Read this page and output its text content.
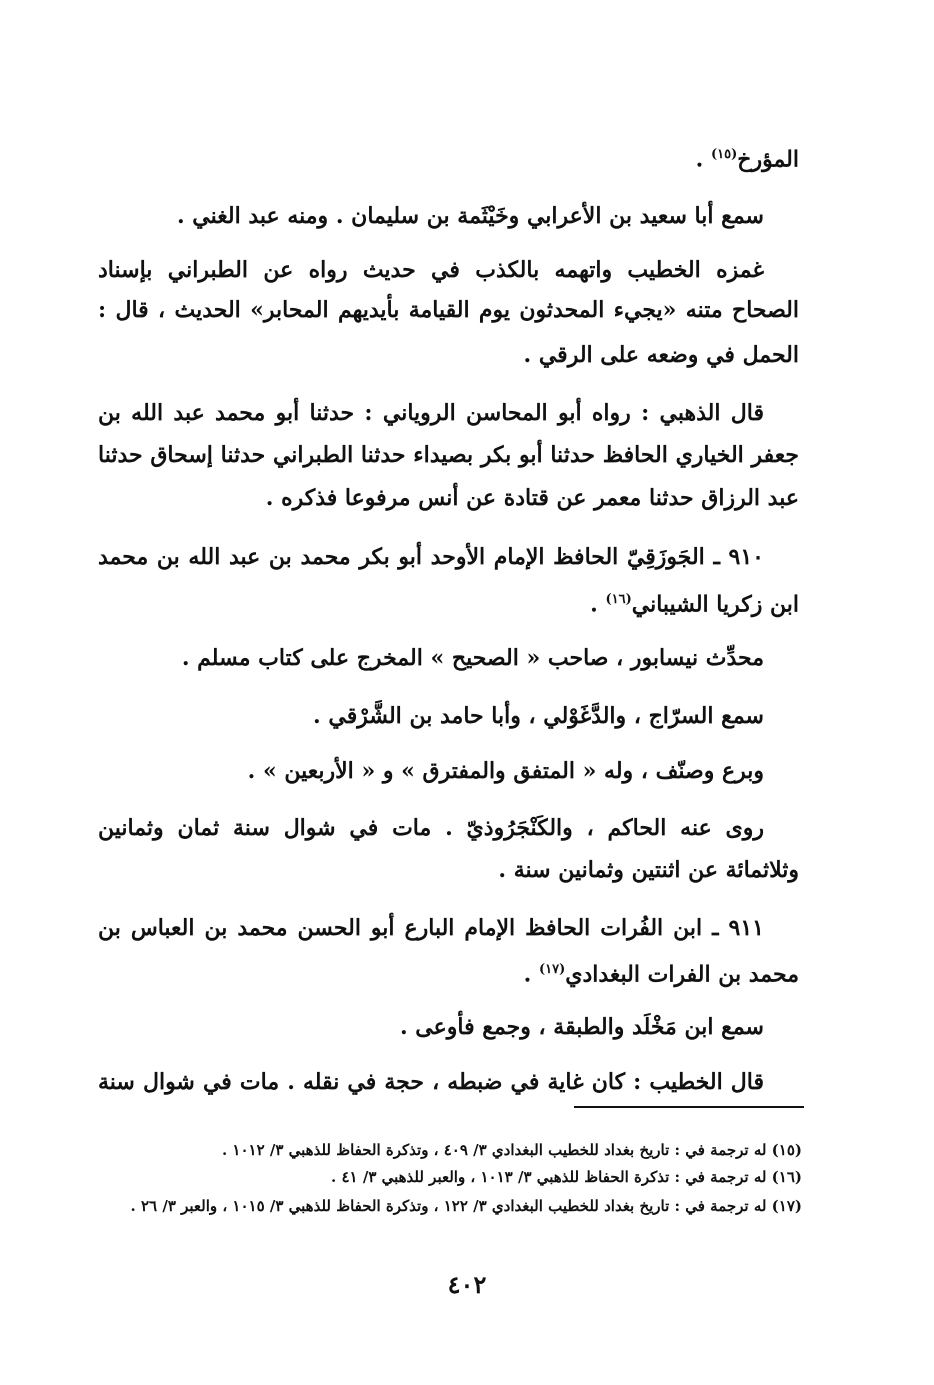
المؤرخ$^{(١٥)}$ .

سمع أبا سعيد بن الأعرابي وخَيْثَمة بن سليمان . ومنه عبد الغني .

غمزه الخطيب واتهمه بالكذب في حديث رواه عن الطبراني بإسناد

الصحاح متنه «يجيء المحدثون يوم القيامة بأيديهم المحابر» الحديث ، قال :

الحمل في وضعه على الرقي .

قال الذهبي : رواه أبو المحاسن الروياني : حدثنا أبو محمد عبد الله بن

جعفر الخياري الحافظ حدثنا أبو بكر بصيداء حدثنا الطبراني حدثنا إسحاق حدثنا

عبد الرزاق حدثنا معمر عن قتادة عن أنس مرفوعا فذكره .

٩١٠ ـ الجَوزَقِيّ الحافظ الإمام الأوحد أبو بكر محمد بن عبد الله بن محمد

ابن زكريا الشيباني$^{(١٦)}$ .

محدِّث نيسابور ، صاحب « الصحيح » المخرج على كتاب مسلم .

سمع السرّاج ، والدَّغَوْلي ، وأبا حامد بن الشَّرْقي .

وبرع وصنّف ، وله « المتفق والمفترق » و « الأربعين » .

روى عنه الحاكم ، والكَنْجَرُوذيّ . مات في شوال سنة ثمان وثمانين

وثلاثمائة عن اثنتين وثمانين سنة .

٩١١ ـ ابن الفُرات الحافظ الإمام البارع أبو الحسن محمد بن العباس بن

محمد بن الفرات البغدادي$^{(١٧)}$ .

سمع ابن مَخْلَد والطبقة ، وجمع فأوعى .

قال الخطيب : كان غاية في ضبطه ، حجة في نقله . مات في شوال سنة

(١٥) له ترجمة في : تاريخ بغداد للخطيب البغدادي ٣/ ٤٠٩ ، وتذكرة الحفاظ للذهبي ٣/ ١٠١٢ .

(١٦) له ترجمة في : تذكرة الحفاظ للذهبي ٣/ ١٠١٣ ، والعبر للذهبي ٣/ ٤١ .

(١٧) له ترجمة في : تاريخ بغداد للخطيب البغدادي ٣/ ١٢٢ ، وتذكرة الحفاظ للذهبي ٣/ ١٠١٥ ، والعبر ٣/ ٢٦ .

٤٠٢
